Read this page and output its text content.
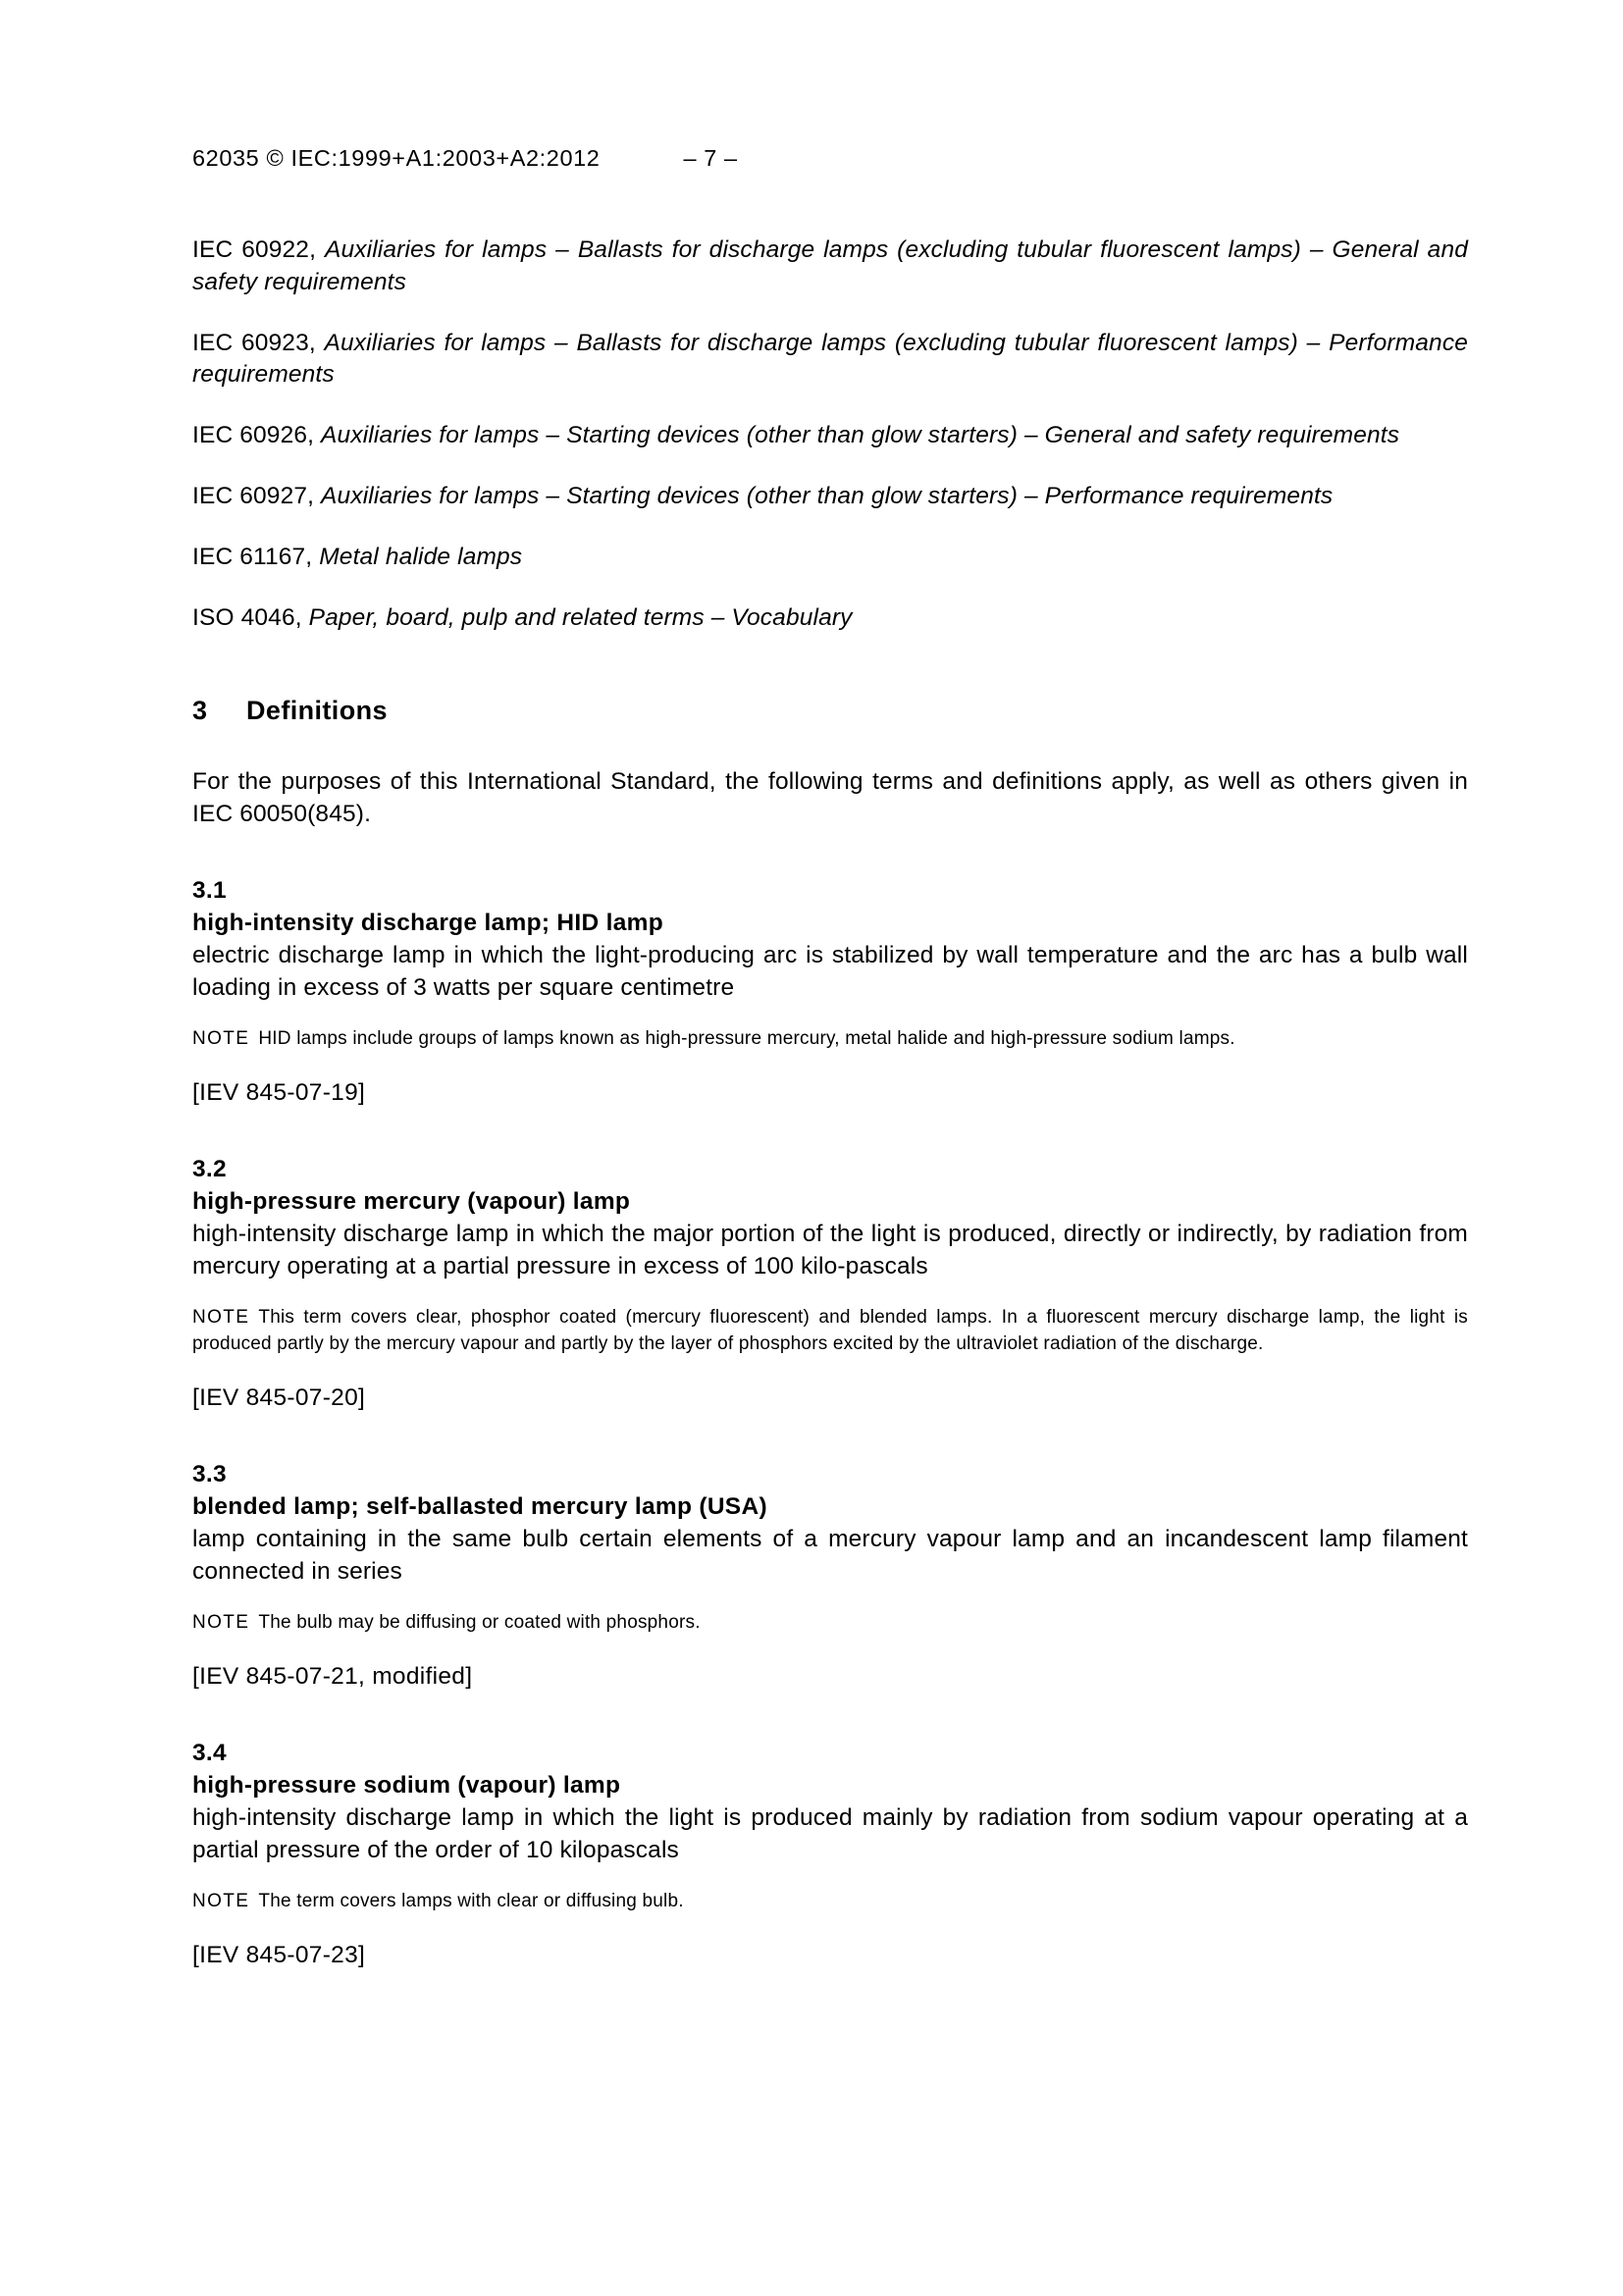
62035 © IEC:1999+A1:2003+A2:2012	– 7 –

IEC 60922, Auxiliaries for lamps – Ballasts for discharge lamps (excluding tubular fluorescent lamps) – General and safety requirements

IEC 60923, Auxiliaries for lamps – Ballasts for discharge lamps (excluding tubular fluorescent lamps) – Performance requirements

IEC 60926, Auxiliaries for lamps – Starting devices (other than glow starters) – General and safety requirements

IEC 60927, Auxiliaries for lamps – Starting devices (other than glow starters) – Performance requirements

IEC 61167, Metal halide lamps

ISO 4046, Paper, board, pulp and related terms – Vocabulary

3	Definitions

For the purposes of this International Standard, the following terms and definitions apply, as well as others given in IEC 60050(845).

3.1
high-intensity discharge lamp; HID lamp

electric discharge lamp in which the light-producing arc is stabilized by wall temperature and the arc has a bulb wall loading in excess of 3 watts per square centimetre

NOTE HID lamps include groups of lamps known as high-pressure mercury, metal halide and high-pressure sodium lamps.

[IEV 845-07-19]

3.2
high-pressure mercury (vapour) lamp

high-intensity discharge lamp in which the major portion of the light is produced, directly or indirectly, by radiation from mercury operating at a partial pressure in excess of 100 kilo-pascals

NOTE This term covers clear, phosphor coated (mercury fluorescent) and blended lamps. In a fluorescent mercury discharge lamp, the light is produced partly by the mercury vapour and partly by the layer of phosphors excited by the ultraviolet radiation of the discharge.

[IEV 845-07-20]

3.3
blended lamp; self-ballasted mercury lamp (USA)

lamp containing in the same bulb certain elements of a mercury vapour lamp and an incandescent lamp filament connected in series

NOTE The bulb may be diffusing or coated with phosphors.

[IEV 845-07-21, modified]

3.4
high-pressure sodium (vapour) lamp

high-intensity discharge lamp in which the light is produced mainly by radiation from sodium vapour operating at a partial pressure of the order of 10 kilopascals

NOTE The term covers lamps with clear or diffusing bulb.

[IEV 845-07-23]
